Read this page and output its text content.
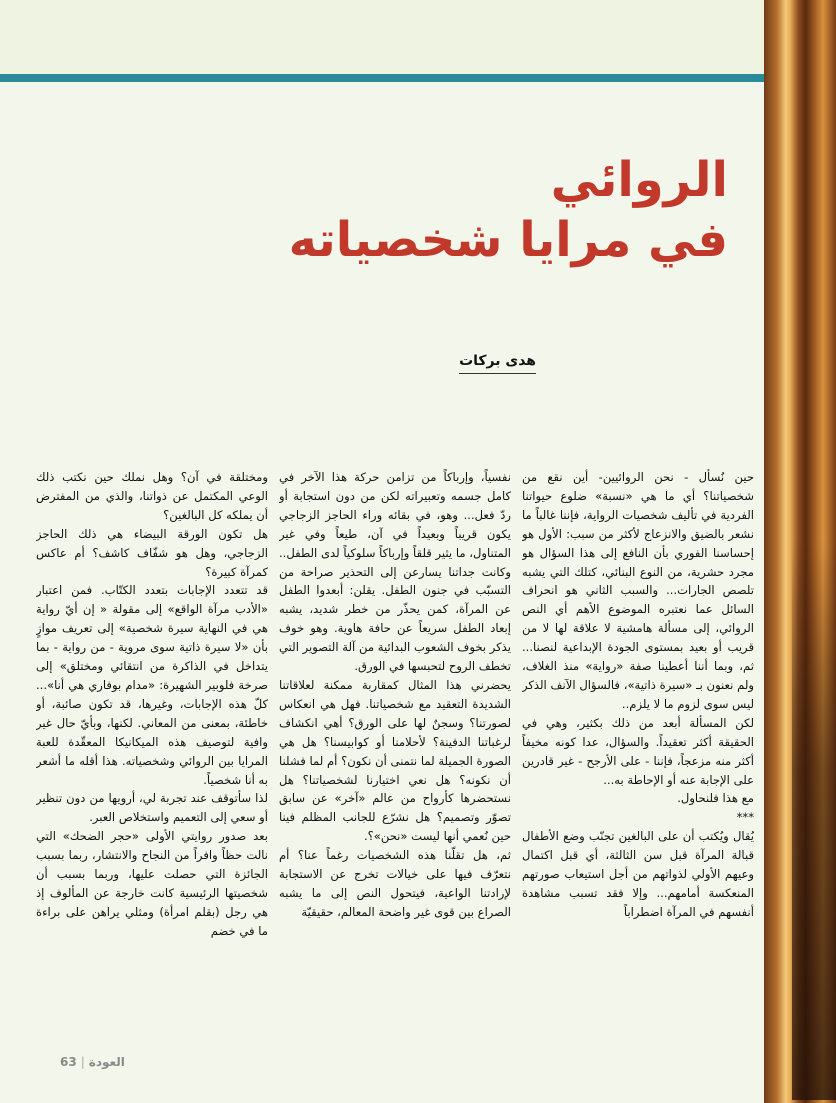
الروائي
في مرايا شخصياته
هدى بركات

حين نُسأل - نحن الروائيين- أين نقع من شخصياتنا؟ أي ما هي «نسبة» ضلوع حيواتنا الفردية في تأليف شخصيات الرواية، فإننا غالباً ما نشعر بالضيق والانزعاج لأكثر من سبب: الأول هو إحساسنا الفوري بأن النافع إلى هذا السؤال هو مجرد حشرية، من النوع البنائي، كتلك التي يشبه تلصص الجارات... والسبب الثاني هو انحراف السائل عما نعتبره الموضوع الأهم أي النص الروائي، إلى مسألة هامشية لا علاقة لها لا من قريب أو بعيد بمستوى الجودة الإبداعية لنصنا... ثم، وبما أننا أعطينا صفة «رواية» منذ الغلاف، ولم نعنون بـ «سيرة ذاتية»، فالسؤال الآنف الذكر ليس سوى لزوم ما لا يلزم..

لكن المسألة أبعد من ذلك بكثير، وهي في الحقيقة أكثر تعقيداً. والسؤال، عدا كونه مخيفاً أكثر منه مزعجاً، فإننا - على الأرجح - غير قادرين على الإجابة عنه أو الإحاطة به...

مع هذا فلنحاول.

***

يُقال ويُكتب أن على البالغين تجنّب وضع الأطفال قبالة المرآة قبل سن الثالثة، أي قبل اكتمال وعيهم الأولي لذواتهم من أجل استيعاب صورتهم المنعكسة أمامهم... وإلا فقد تسبب مشاهدة أنفسهم في المرآة اضطراباً

نفسياً، وإرباكاً من تزامن حركة هذا الآخر في كامل جسمه وتعبيراته لكن من دون استجابة أو ردّ فعل... وهو، في بقائه وراء الحاجز الزجاجي يكون قريباً وبعيداً في آن، طيعاً وفي غير المتناول، ما يثير قلقاً وإرباكاً سلوكياً لدى الطفل.. وكانت جداتنا يسارعن إلى التحذير صراحة من التسبّب في جنون الطفل. يقلن: أبعدوا الطفل عن المرآة، كمن يحذّر من خطر شديد، يشبه إبعاد الطفل سريعاً عن حافة هاوية. وهو خوف يذكر بخوف الشعوب البدائية من آلة التصوير التي تخطف الروح لتحبسها في الورق.

يحضرني هذا المثال كمقاربة ممكنة لعلاقاتنا الشديدة التعقيد مع شخصياتنا. فهل هي انعكاس لصورتنا؟ وسجنٌ لها على الورق؟ أهي انكشاف لرغباتنا الدفينة؟ لأحلامنا أو كوابيسنا؟ هل هي الصورة الجميلة لما نتمنى أن نكون؟ أم لما فشلنا أن نكونه؟ هل نعي اختيارنا لشخصياتنا؟ هل نستحضرها كأرواح من عالم «آخر» عن سابق تصوّر وتصميم؟ هل نشرّع للجانب المظلم فينا حين نُعمي أنها ليست «نحن»؟.

ثم، هل تقلّنا هذه الشخصيات رغماً عنا؟ أم نتعرّف فيها على خيالات تخرج عن الاستجابة لإرادتنا الواعية، فيتحول النص إلى ما يشبه الصراع بين قوى غير واضحة المعالم، حقيقيّة

ومختلقة في آن؟ وهل نملك حين نكتب ذلك الوعي المكتمل عن ذواتنا، والذي من المفترض أن يملكه كل البالغين؟

هل تكون الورقة البيضاء هي ذلك الحاجز الزجاجي، وهل هو شفّاف كاشف؟ أم عاكس كمرآة كبيرة؟

قد تتعدد الإجابات بتعدد الكتّاب. فمن اعتبار «الأدب مرآة الواقع» إلى مقولة « إن أيّ رواية هي في النهاية سيرة شخصية» إلى تعريف موازٍ بأن «لا سيرة ذاتية سوى مروية - من رواية - بما يتداخل في الذاكرة من انتقائي ومختلق» إلى صرخة فلوبير الشهيرة: «مدام بوفاري هي أنا»... كلّ هذه الإجابات، وغيرها، قد تكون صائبة، أو خاطئة، بمعنى من المعاني. لكنها، وبأيّ حال غير وافية لتوصيف هذه الميكانيكا المعقّدة للعبة المرايا بين الروائي وشخصياته. هذا أقله ما أشعر به أنا شخصياً.

لذا سأتوقف عند تجربة لي، أرويها من دون تنظير أو سعي إلى التعميم واستخلاص العبر.

بعد صدور روايتي الأولى «حجر الضحك» التي نالت حظاً وافراً من النجاح والانتشار، ربما بسبب الجائزة التي حصلت عليها، وربما بسبب أن شخصيتها الرئيسية كانت خارجة عن المألوف إذ هي رجل (بقلم امرأة) ومثلي يراهن على براءة ما في خضم

63 | العودة
